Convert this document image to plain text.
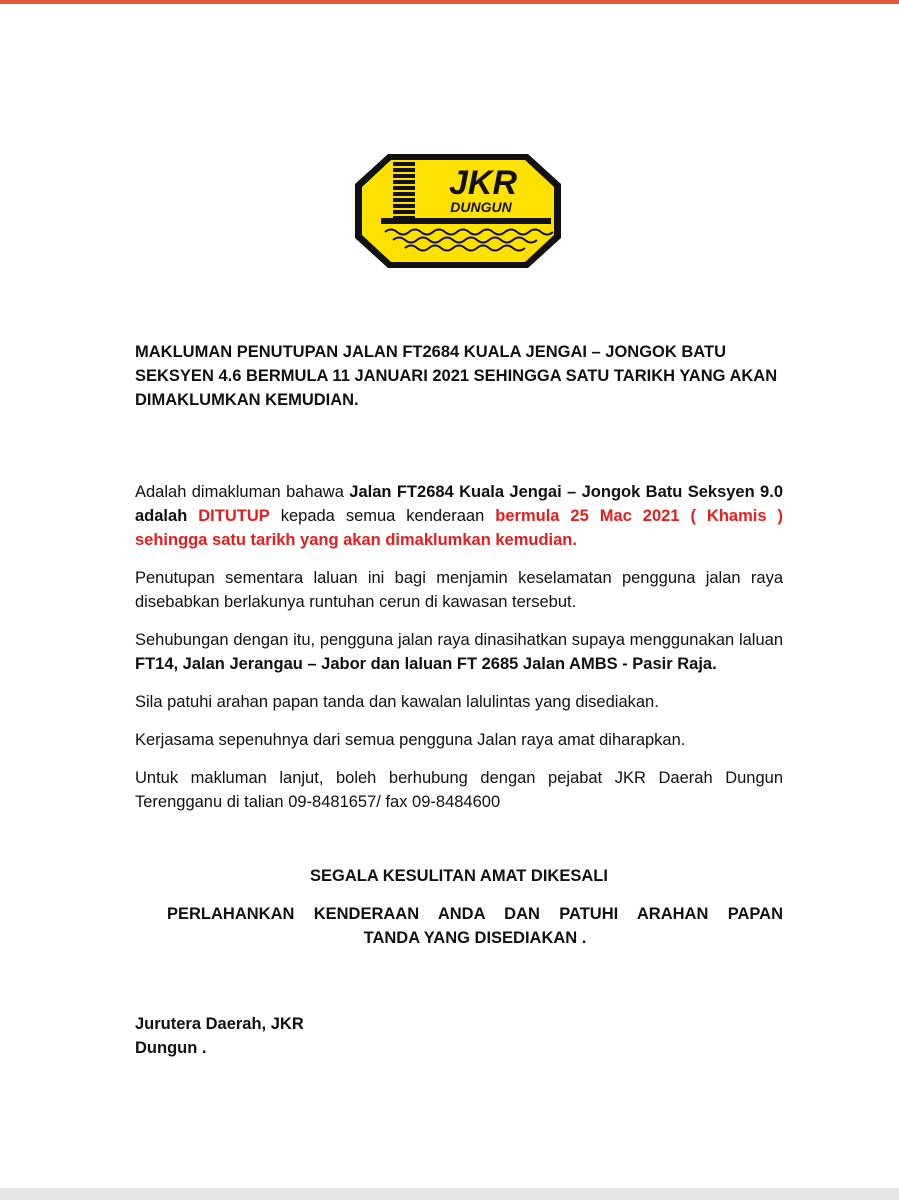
JKR
DUNGUN

MAKLUMAN PENUTUPAN JALAN FT2684 KUALA JENGAI – JONGOK BATU SEKSYEN 4.6 BERMULA 11 JANUARI 2021 SEHINGGA SATU TARIKH YANG AKAN DIMAKLUMKAN KEMUDIAN.

Adalah dimakluman bahawa Jalan FT2684 Kuala Jengai – Jongok Batu Seksyen 9.0 adalah DITUTUP kepada semua kenderaan bermula 25 Mac 2021 ( Khamis ) sehingga satu tarikh yang akan dimaklumkan kemudian.

Penutupan sementara laluan ini bagi menjamin keselamatan pengguna jalan raya disebabkan berlakunya runtuhan cerun di kawasan tersebut.

Sehubungan dengan itu, pengguna jalan raya dinasihatkan supaya menggunakan laluan FT14, Jalan Jerangau – Jabor dan laluan FT 2685 Jalan AMBS - Pasir Raja.

Sila patuhi arahan papan tanda dan kawalan lalulintas yang disediakan.

Kerjasama sepenuhnya dari semua pengguna Jalan raya amat diharapkan.

Untuk makluman lanjut, boleh berhubung dengan pejabat JKR Daerah Dungun Terengganu di talian 09-8481657/ fax 09-8484600

SEGALA KESULITAN AMAT DIKESALI

PERLAHANKAN KENDERAAN ANDA DAN PATUHI ARAHAN PAPAN

TANDA YANG DISEDIAKAN .

Jurutera Daerah, JKR

Dungun .
